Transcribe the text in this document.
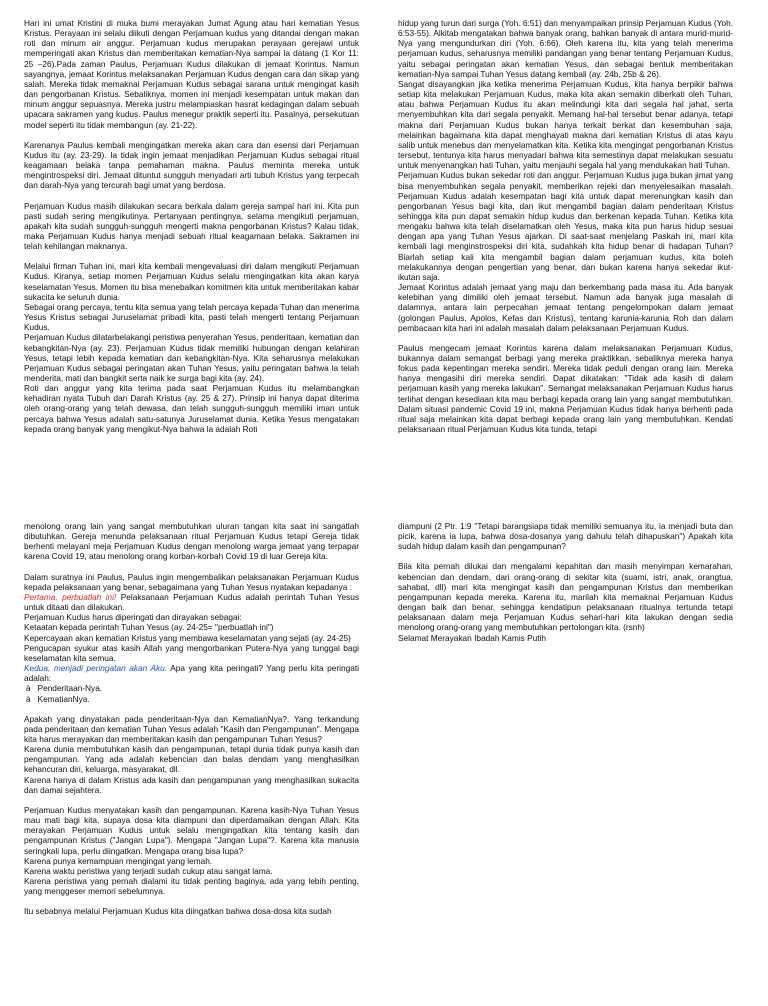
Hari ini umat Kristini di muka bumi merayakan Jumat Agung atau hari kematian Yesus Kristus. Perayaan ini selalu diikuti dengan Perjamuan kudus yang ditandai dengan makan roti dan minum air anggur. Perjamuan kudus merupakan perayaan gerejawi untuk memperingati akan Kristus dan memberitakan kematian-Nya sampai la datang (1 Kor 11: 25 –26).Pada zaman Paulus, Perjamuan Kudus dilakukan di jemaat Korintus. Namun sayangnya, jemaat Korintus melaksanakan Perjamuan Kudus dengan cara dan sikap yang salah. Mereka tidak memaknai Perjamuan Kudus sebagai sarana untuk mengingat kasih dan pengorbanan Kristus. Sebaliknya, momen ini menjadi kesempatan untuk makan dan minum anggur sepuasnya. Mereka justru melampiaskan hasrat kedagingan dalam sebuah upacara sakramen yang kudus. Paulus menegur praktik seperti itu. Pasalnya, persekutuan model seperti itu tidak membangun (ay. 21-22).

Karenanya Paulus kembali mengingatkan mereka akan cara dan esensi dari Perjamuan Kudus itu (ay. 23-29). Ia tidak ingin jemaat menjadikan Perjamuan Kudus sebagai ritual keagamaan belaka tanpa pemahaman makna. Paulus meminta mereka untuk mengintrospeksi diri. Jemaat dituntut sungguh menyadari arti tubuh Kristus yang terpecah dan darah-Nya yang tercurah bagi umat yang berdosa.

Perjamuan Kudus masih dilakukan secara berkala dalam gereja sampai hari ini. Kita pun pasti sudah sering mengikutinya. Pertanyaan pentingnya, selama mengikuti perjamuan, apakah kita sudah sungguh-sungguh mengerti makna pengorbanan Kristus? Kalau tidak, maka Perjamuan Kudus hanya menjadi sebuah ritual keagamaan belaka. Sakramen ini telah kehilangan maknanya.

Melalui firman Tuhan ini, mari kita kembali mengevaluasi diri dalam mengikuti Perjamuan Kudus. Kiranya, setiap momen Perjamuan Kudus selalu mengingatkan kita akan karya keselamatan Yesus. Momen itu bisa menebalkan komitmen kita untuk memberitakan kabar sukacita ke seluruh dunia.

Sebagai orang percaya, tentu kita semua yang telah percaya kepada Tuhan dan menerima Yesus Kristus sebagai Juruselamat pribadi kita, pasti telah mengerti tentang Perjamuan Kudus.

Perjamuan Kudus dilatarbelakangi peristiwa penyerahan Yesus, penderitaan, kematian dan kebangkitan-Nya (ay. 23). Perjamuan Kudus tidak memiliki hubungan dengan kelahiran Yesus, tetapi lebih kepada kematian dan kebangkitan-Nya. Kita seharusnya melakukan Perjamuan Kudus sebagai peringatan akan Tuhan Yesus, yaitu peringatan bahwa la telah menderita, mati dan bangkit serta naik ke surga bagi kita (ay. 24).

Roti dan anggur yang kita terima pada saat Perjamuan Kudus itu melambangkan kehadiran nyata Tubuh dan Darah Kristus (ay. 25 & 27). Prinsip ini hanya dapat diterima oleh orang-orang yang telah dewasa, dan telah sungguh-sungguh memiliki iman untuk percaya bahwa Yesus adalah satu-satunya Juruselamat dunia. Ketika Yesus mengatakan kepada orang banyak yang mengikut-Nya bahwa la adalah Roti

hidup yang turun dari surga (Yoh. 6:51) dan menyampaikan prinsip Perjamuan Kudus (Yoh. 6:53-55). Alkitab mengatakan bahwa banyak orang, bahkan banyak di antara murid-murid-Nya yang mengundurkan diri (Yoh. 6:66). Oleh karena itu, kita yang telah menerima perjamuan kudus, seharusnya memiliki pandangan yang benar tentang Perjamuan Kudus, yaitu sebagai peringatan akan kematian Yesus, dan sebagai bentuk memberitakan kematian-Nya sampai Tuhan Yesus datang kembali (ay. 24b, 25b & 26).

Sangat disayangkan jika ketika menerima Perjamuan Kudus, kita hanya berpikir bahwa setiap kita melakukan Perjamuan Kudus, maka kita akan semakin diberkati oleh Tuhan, atau bahwa Perjamuan Kudus itu akan melindungi kita dari segala hal jahat, serta menyembuhkan kita dari segala penyakit. Memang hal-hal tersebut benar adanya, tetapi makna dari Perjamuan Kudus bukan hanya terkait berkat dan kesembuhan saja, melainkan bagaimana kita dapat menghayati makna dari kematian Kristus di atas kayu salib untuk menebus dan menyelamatkan kita. Ketika kita mengingat pengorbanan Kristus tersebut, tentunya kita harus menyadari bahwa kita semestinya dapat melakukan sesuatu untuk menyenangkan hati Tuhan, yaitu menjauhi segala hal yang mendukakan hati Tuhan.

Perjamuan Kudus bukan sekedar roti dan anggur. Perjamuan Kudus juga bukan jimat yang bisa menyembuhkan segala penyakit, memberikan rejeki dan menyelesaikan masalah. Perjamuan Kudus adalah kesempatan bagi kita untuk dapat merenungkan kasih dan pengorbanan Yesus bagi kita, dan ikut mengambil bagian dalam penderitaan Kristus sehingga kita pun dapat semakin hidup kudus dan berkenan kepada Tuhan. Ketika kita mengaku bahwa kita telah diselamatkan oleh Yesus, maka kita pun harus hidup sesuai dengan apa yang Tuhan Yesus ajarkan. Di saat-saat menjelang Paskah ini, mari kita kembali lagi menginstrospeksi diri kita, sudahkah kita hidup benar di hadapan Tuhan? Biarlah setiap kali kita mengambil bagian dalam perjamuan kudus, kita boleh melakukannya dengan pengertian yang benar, dan bukan karena hanya sekedar ikut-ikutan saja.

Jemaat Korintus adalah jemaat yang maju dan berkembang pada masa itu. Ada banyak kelebihan yang dimiliki oleh jemaat tersebut. Namun ada banyak juga masalah di dalamnya, antara lain perpecahan jemaat tentang pengelompokan dalam jemaat (golongan Paulus, Apolos, Kefas dan Kristus), tentang karunia-karunia Roh dan dalam pembacaan kita hari ini adalah masalah dalam pelaksanaan Perjamuan Kudus.

Paulus mengecam jemaat Korintus karena dalam melaksanakan Perjamuan Kudus, bukannya dalam semangat berbagi yang mereka praktikkan, sebaliknya mereka hanya fokus pada kepentingan mereka sendiri. Mereka tidak peduli dengan orang lain. Mereka hanya mengasihi diri mereka sendiri. Dapat dikatakan: "Tidak ada kasih di dalam perjamuan kasih yang mereka lakukan". Semangat melaksanakan Perjamuan Kudus harus terlihat dengan kesediaan kita mau berbagi kepada orang lain yang sangat membutuhkan. Dalam situasi pandemic Covid 19 ini, makna Perjamuan Kudus tidak hanya berhenti pada ritual saja melainkan kita dapat berbagi kepada orang lain yang membutuhkan. Kendati pelaksanaan ritual Perjamuan Kudus kita tunda, tetapi

menolong orang lain yang sangat membutuhkan uluran tangan kita saat ini sangatlah dibutuhkan. Gereja menunda pelaksanaan ritual Perjamuan Kudus tetapi Gereja tidak berhenti melayani meja Perjamuan Kudus dengan menolong warga jemaat yang terpapar karena Covid 19, atau menolong orang korban-korbah Covid 19 di luar Gereja kita.

Dalam suratnya ini Paulus, Paulus ingin mengembalikan pelaksanakan Perjamuan Kudus kepada pelaksanaan yang benar, sebagaimana yang Tuhan Yesus nyatakan kepadanya :

Pertama, perbuatlah ini! Pelaksanaan Perjamuan Kudus adalah perintah Tuhan Yesus untuk ditaati dan dilakukan.

Perjamuan Kudus harus diperingati dan dirayakan sebagai:

Ketaatan kepada perintah Tuhan Yesus (ay. 24-25= "perbuatlah ini")

Kepercayaan akan kematian Kristus yang membawa keselamatan yang sejati (ay. 24-25)

Pengucapan syukur atas kasih Allah yang mengorbankan Putera-Nya yang tunggal bagi keselamatan kita semua.

Kedua, menjadi peringatan akan Aku. Apa yang kita peringati? Yang perlu kita peringati adalah:

à Penderitaan-Nya.

à KematianNya.

Apakah yang dinyatakan pada penderitaan-Nya dan KematianNya?. Yang terkandung pada penderitaan dan kematian Tuhan Yesus adalah "Kasih dan Pengampunan". Mengapa kita harus merayakan dan memberitakan kasih dan pengampunan Tuhan Yesus?

Karena dunia membutuhkan kasih dan pengampunan, tetapi dunia tidak punya kasih dan pengampunan. Yang ada adalah kebencian dan balas dendam yang menghasilkan kehancuran diri, keluarga, masyarakat, dll.

Karena hanya di dalam Kristus ada kasih dan pengampunan yang menghasilkan sukacita dan damai sejahtera.

Perjamuan Kudus menyatakan kasih dan pengampunan. Karena kasih-Nya Tuhan Yesus mau mati bagi kita, supaya dosa kita diampuni dan diperdamaikan dengan Allah. Kita merayakan Perjamuan Kudus untuk selalu mengingatkan kita tentang kasih dan pengampunan Kristus ("Jangan Lupa"). Mengapa "Jangan Lupa"?. Karena kita manusia seringkali lupa, perlu diingatkan. Mengapa orang bisa lupa?

Karena punya kemampuan mengingat yang lemah.

Karena waktu peristiwa yang terjadi sudah cukup atau sangat lama.

Karena peristiwa yang pernah dialami itu tidak penting baginya, ada yang lebih penting, yang menggeser memori sebelumnya.

Itu sebabnya melalui Perjamuan Kudus kita diingatkan bahwa dosa-dosa kita sudah

diampuni (2 Ptr. 1:9 "Tetapi barangsiapa tidak memiliki semuanya itu, ia menjadi buta dan picik, karena ia lupa, bahwa dosa-dosanya yang dahulu telah dihapuskan") Apakah kita sudah hidup dalam kasih dan pengampunan?

Bila kita pernah dilukai dan mengalami kepahitan dan masih menyimpan kemarahan, kebencian dan dendam, dari orang-orang di sekitar kita (suami, istri, anak, orangtua, sahabat, dll) mari kita mengingat kasih dan pengampunan Kristus dan memberikan pengampunan kepada mereka. Karena itu, marilah kita memaknai Perjamuan Kudus dengan baik dan benar, sehingga kendatipun pelaksanaan ritualnya tertunda tetapi pelaksanaan dalam meja Perjamuan Kudus sehari-hari kita lakukan dengan sedia menolong orang-orang yang membutuhkan pertolongan kita. (rsnh)

Selamat Merayakan Ibadah Kamis Putih
